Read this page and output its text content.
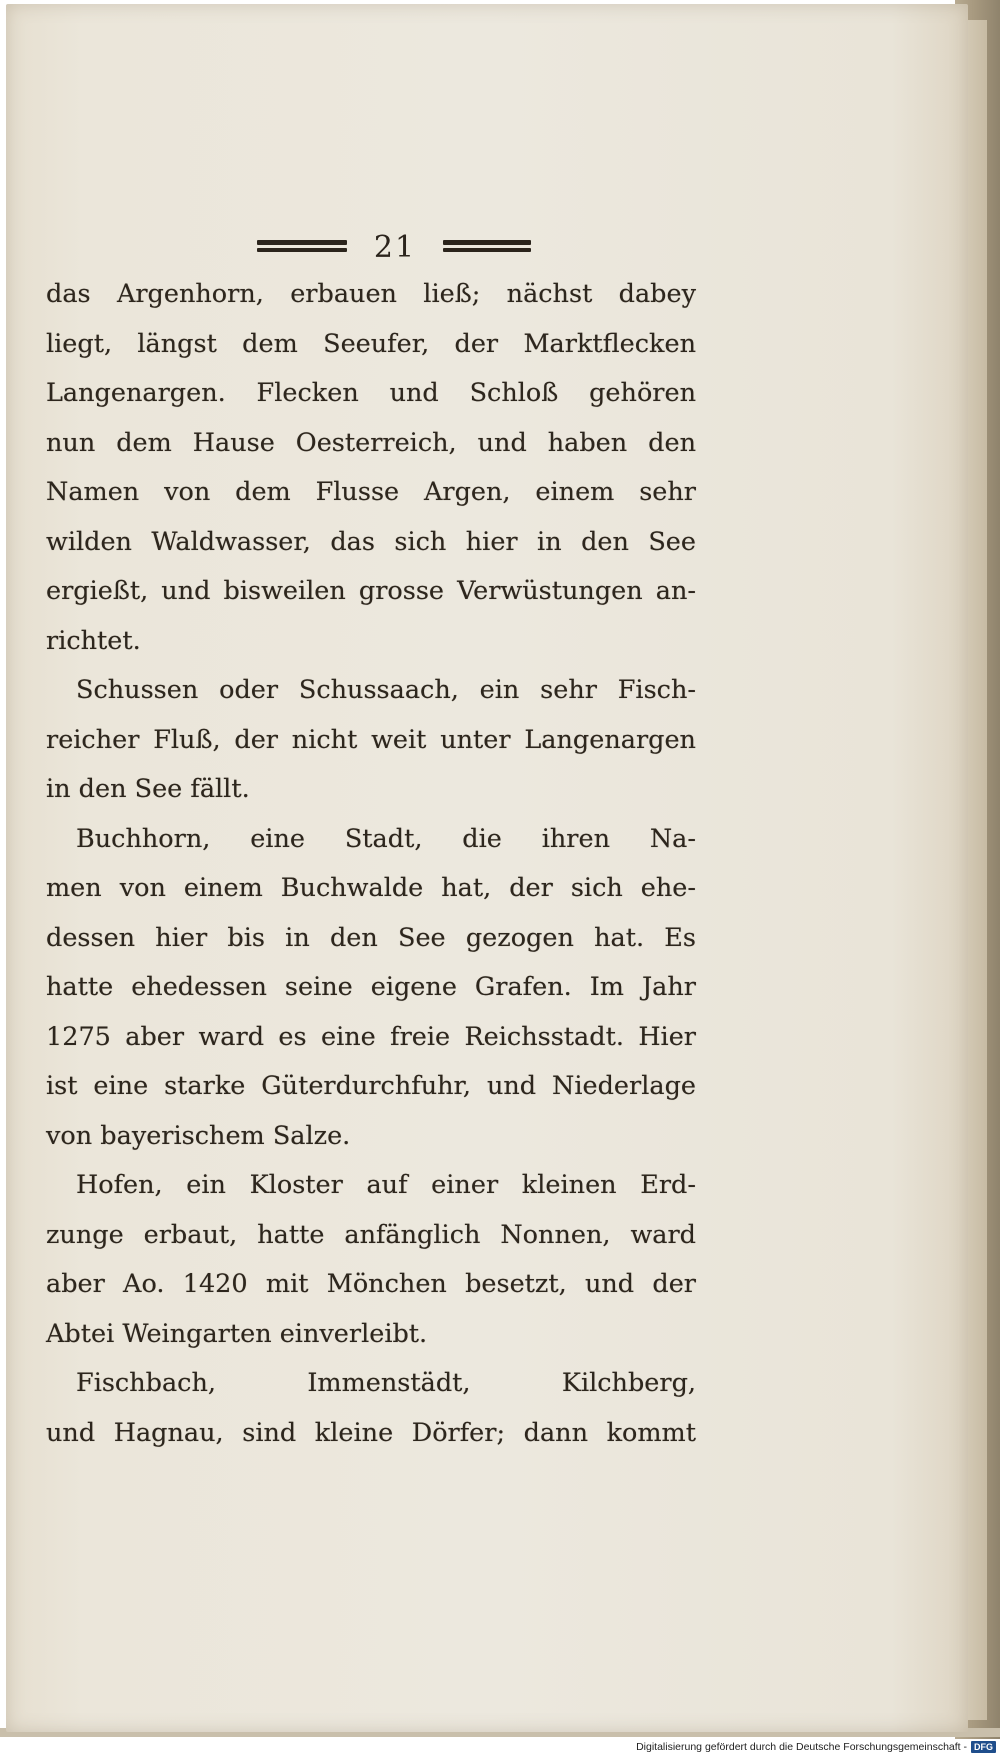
21
das Argenhorn, erbauen ließ; nächst dabey
liegt, längst dem Seeufer, der Marktflecken
Langenargen. Flecken und Schloß gehören
nun dem Hause Oesterreich, und haben den
Namen von dem Flusse Argen, einem sehr
wilden Waldwasser, das sich hier in den See
ergießt, und bisweilen grosse Verwüstungen an-
richtet.
Schussen oder Schussaach, ein sehr Fisch-
reicher Fluß, der nicht weit unter Langenargen
in den See fällt.
Buchhorn, eine Stadt, die ihren Na-
men von einem Buchwalde hat, der sich ehe-
dessen hier bis in den See gezogen hat. Es
hatte ehedessen seine eigene Grafen. Im Jahr
1275 aber ward es eine freie Reichsstadt. Hier
ist eine starke Güterdurchfuhr, und Niederlage
von bayerischem Salze.
Hofen, ein Kloster auf einer kleinen Erd-
zunge erbaut, hatte anfänglich Nonnen, ward
aber Ao. 1420 mit Mönchen besetzt, und der
Abtei Weingarten einverleibt.
Fischbach, Immenstädt, Kilchberg,
und Hagnau, sind kleine Dörfer; dann kommt
Digitalisierung gefördert durch die Deutsche Forschungsgemeinschaft - DFG
